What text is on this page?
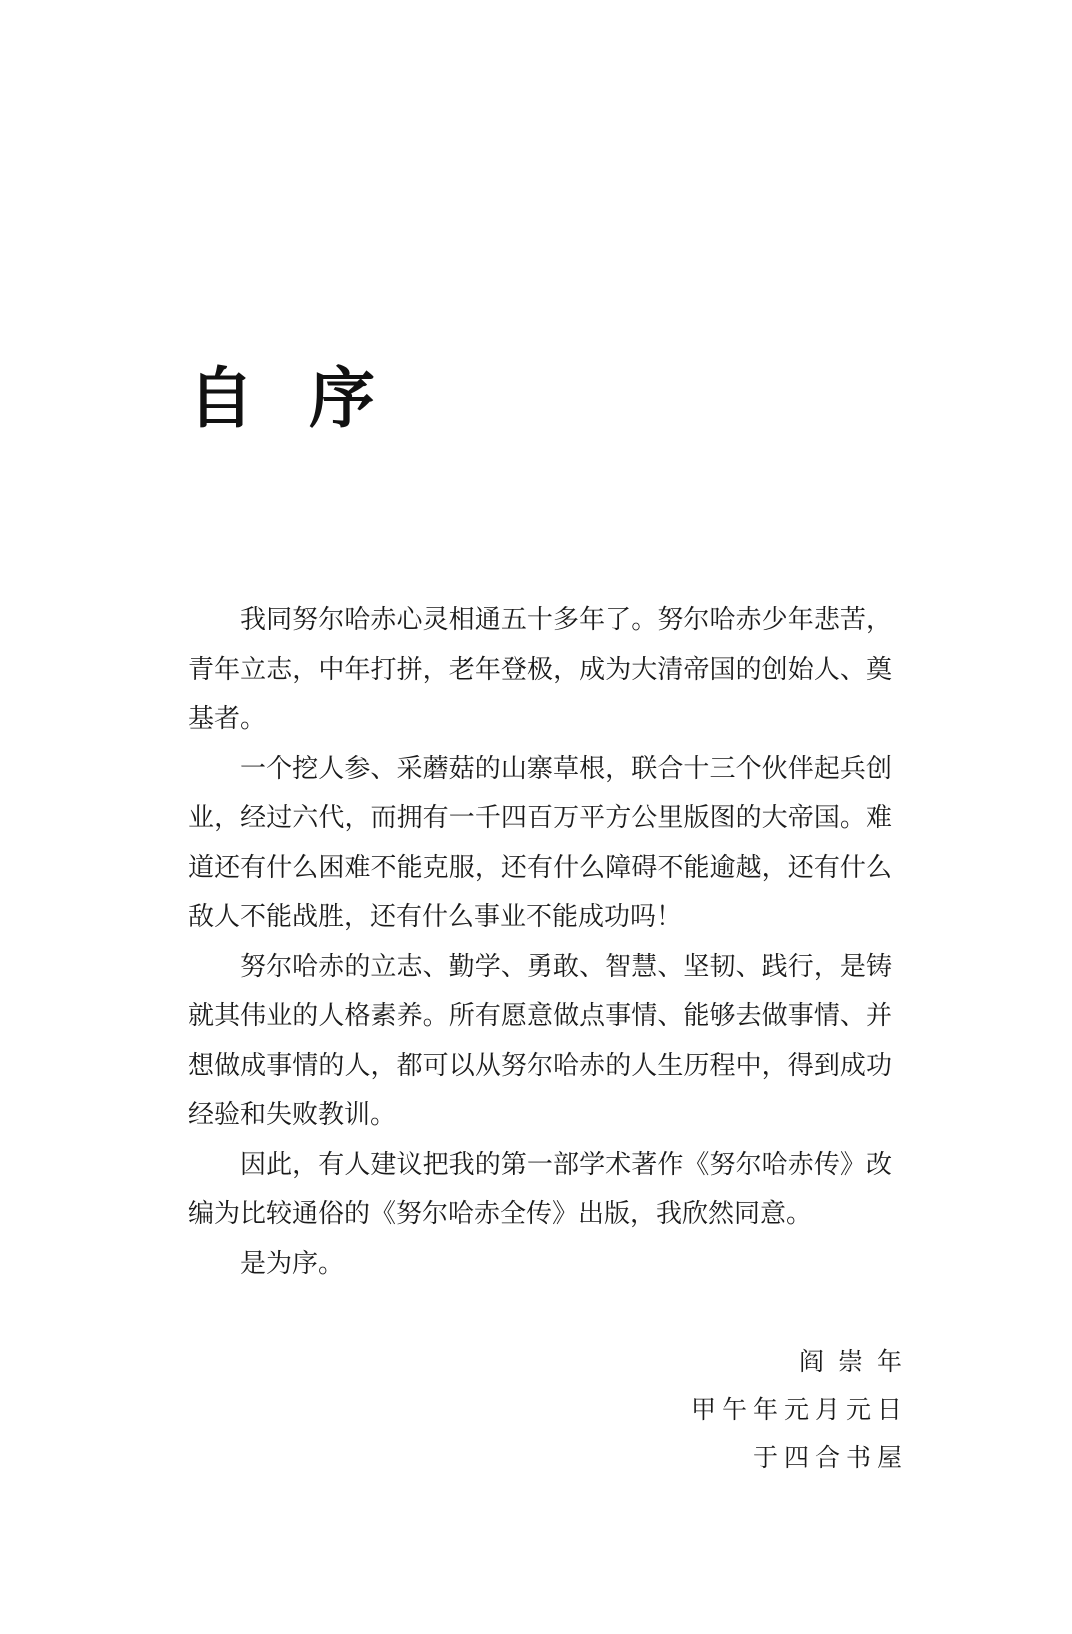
自 序

我同努尔哈赤心灵相通五十多年了。努尔哈赤少年悲苦，青年立志，中年打拼，老年登极，成为大清帝国的创始人、奠基者。

一个挖人参、采蘑菇的山寨草根，联合十三个伙伴起兵创业，经过六代，而拥有一千四百万平方公里版图的大帝国。难道还有什么困难不能克服，还有什么障碍不能逾越，还有什么敌人不能战胜，还有什么事业不能成功吗！

努尔哈赤的立志、勤学、勇敢、智慧、坚韧、践行，是铸就其伟业的人格素养。所有愿意做点事情、能够去做事情、并想做成事情的人，都可以从努尔哈赤的人生历程中，得到成功经验和失败教训。

因此，有人建议把我的第一部学术著作《努尔哈赤传》改编为比较通俗的《努尔哈赤全传》出版，我欣然同意。

是为序。

阎崇年
甲午年元月元日
于四合书屋
